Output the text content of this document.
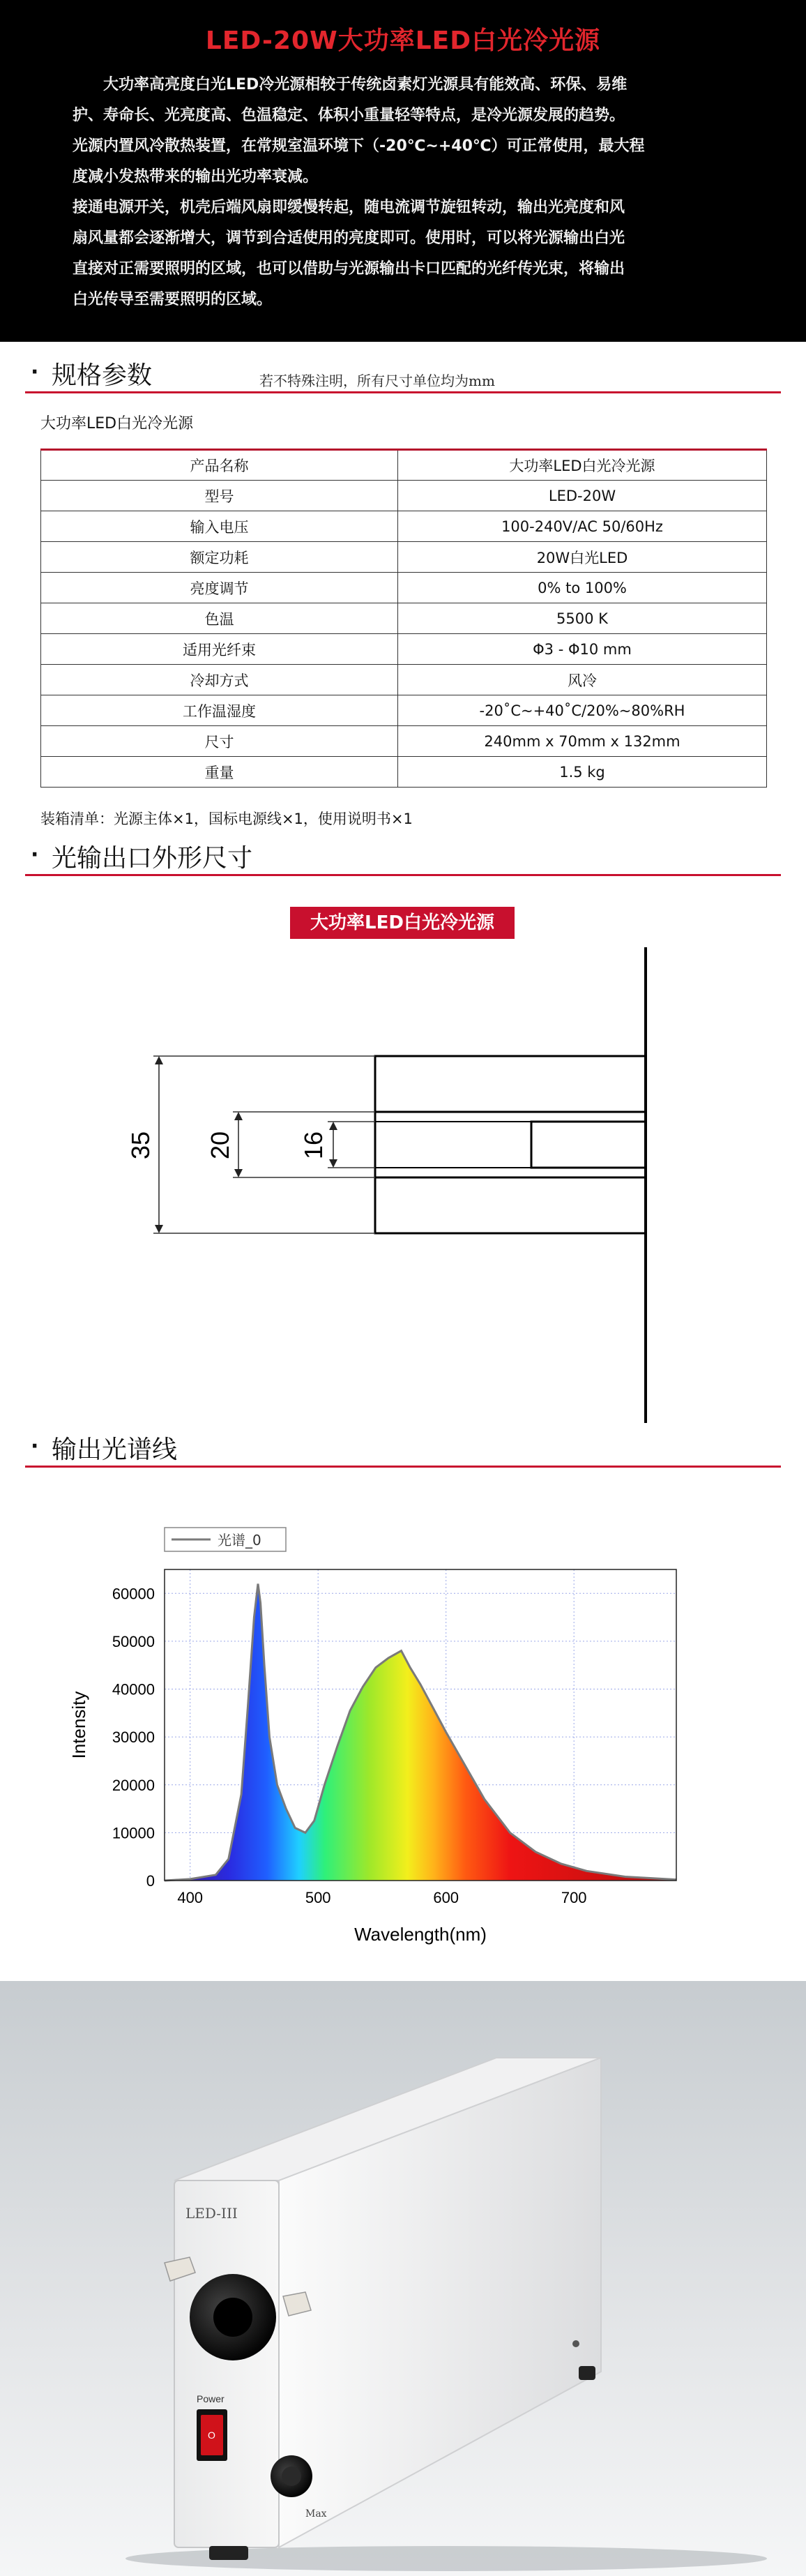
LED-20W大功率LED白光冷光源

大功率高亮度白光LED冷光源相较于传统卤素灯光源具有能效高、环保、易维

护、寿命长、光亮度高、色温稳定、体积小重量轻等特点，是冷光源发展的趋势。

光源内置风冷散热装置，在常规室温环境下（-20℃~+40℃）可正常使用，最大程

度减小发热带来的输出光功率衰减。

接通电源开关，机壳后端风扇即缓慢转起，随电流调节旋钮转动，输出光亮度和风

扇风量都会逐渐增大，调节到合适使用的亮度即可。使用时，可以将光源输出白光

直接对正需要照明的区域，也可以借助与光源输出卡口匹配的光纤传光束，将输出

白光传导至需要照明的区域。

· 规格参数	若不特殊注明，所有尺寸单位均为mm
大功率LED白光冷光源
产品名称	大功率LED白光冷光源
型号	LED-20W
输入电压	100-240V/AC 50/60Hz
额定功耗	20W白光LED
亮度调节	0% to 100%
色温	5500 K
适用光纤束	Φ3 - Φ10 mm
冷却方式	风冷
工作温湿度	-20˚C~+40˚C/20%~80%RH
尺寸	240mm x 70mm x 132mm
重量	1.5 kg
装箱清单：光源主体×1，国标电源线×1，使用说明书×1
· 光输出口外形尺寸
大功率LED白光冷光源
35 20	16
· 输出光谱线
400	500	600	700
0
10000
20000
30000
40000
50000
60000
Wavelength(nm)
Intensity
光谱_0
LED-III
Power
O
Max
